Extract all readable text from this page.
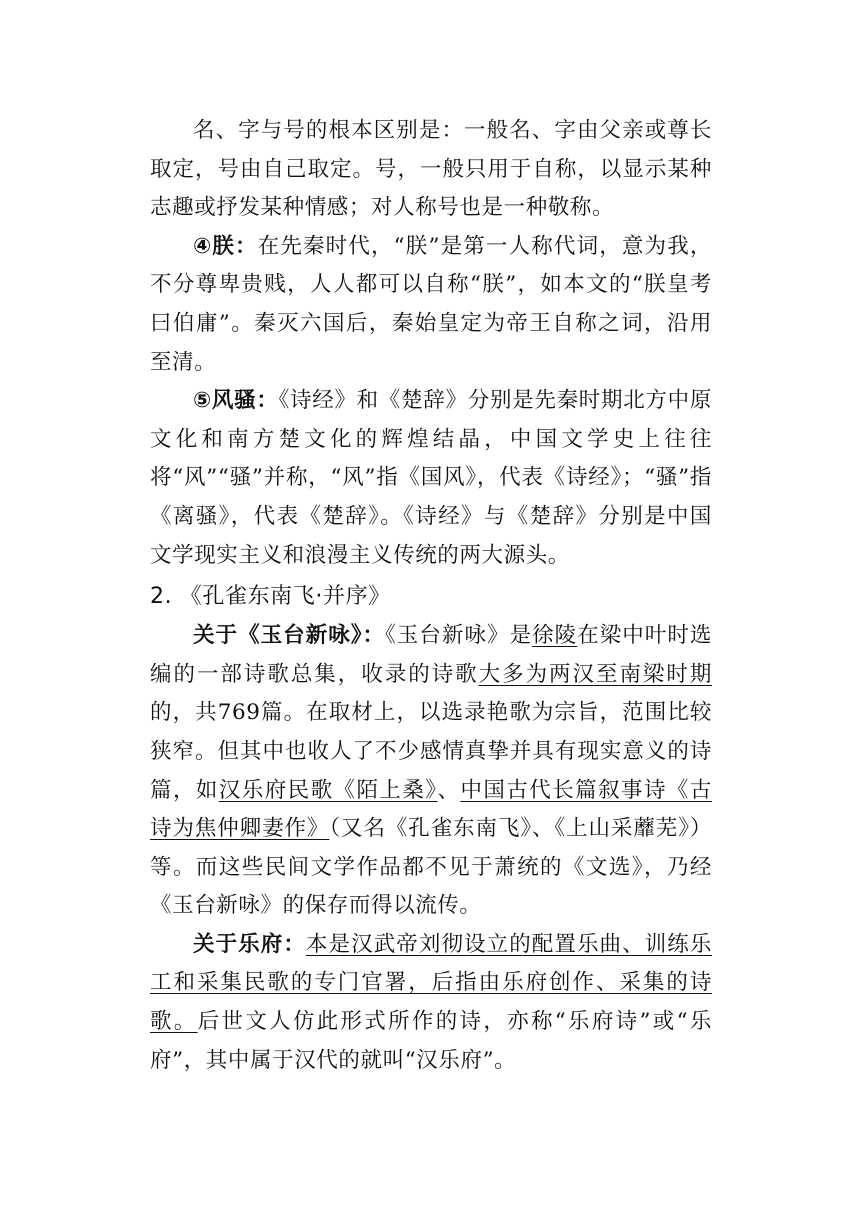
名、字与号的根本区别是：一般名、字由父亲或尊长取定，号由自己取定。号，一般只用于自称，以显示某种志趣或抒发某种情感；对人称号也是一种敬称。

④朕：在先秦时代，“朕”是第一人称代词，意为我，不分尊卑贵贱，人人都可以自称“朕”，如本文的“朕皇考曰伯庸”。秦灭六国后，秦始皇定为帝王自称之词，沿用至清。

⑤风骚：《诗经》和《楚辞》分别是先秦时期北方中原文化和南方楚文化的辉煌结晶，中国文学史上往往将“风”“骚”并称，“风”指《国风》，代表《诗经》；“骚”指《离骚》，代表《楚辞》。《诗经》与《楚辞》分别是中国文学现实主义和浪漫主义传统的两大源头。

2. 《孔雀东南飞·并序》

关于《玉台新咏》：《玉台新咏》是徐陵在梁中叶时选编的一部诗歌总集，收录的诗歌大多为两汉至南梁时期的，共769篇。在取材上，以选录艳歌为宗旨，范围比较狭窄。但其中也收人了不少感情真挚并具有现实意义的诗篇，如汉乐府民歌《陌上桑》、中国古代长篇叙事诗《古诗为焦仲卿妻作》（又名《孔雀东南飞》、《上山采蘼芜》）等。而这些民间文学作品都不见于萧统的《文选》，乃经《玉台新咏》的保存而得以流传。

关于乐府：本是汉武帝刘彻设立的配置乐曲、训练乐工和采集民歌的专门官署，后指由乐府创作、采集的诗歌。后世文人仿此形式所作的诗，亦称“乐府诗”或“乐府”，其中属于汉代的就叫“汉乐府”。
